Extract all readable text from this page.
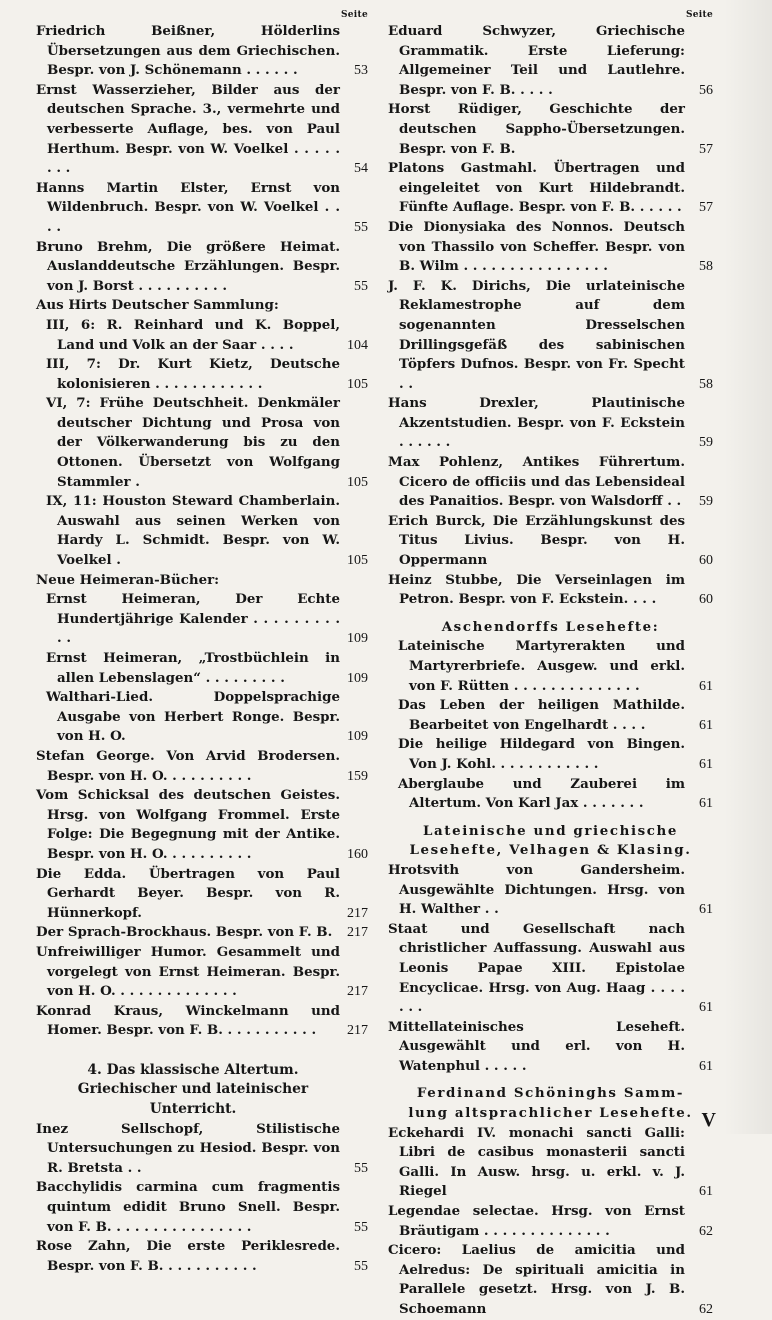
Seite

Friedrich Beißner, Hölderlins Übersetzungen aus dem Griechischen. Bespr. von J. Schönemann . . . . . .	53

Ernst Wasserzieher, Bilder aus der deutschen Sprache. 3., vermehrte und verbesserte Auflage, bes. von Paul Herthum. Bespr. von W. Voelkel . . . . . . . .	54

Hanns Martin Elster, Ernst von Wildenbruch. Bespr. von W. Voelkel . . . .	55

Bruno Brehm, Die größere Heimat. Auslanddeutsche Erzählungen. Bespr. von J. Borst . . . . . . . . . .	55

Aus Hirts Deutscher Sammlung:

III, 6: R. Reinhard und K. Boppel, Land und Volk an der Saar . . . .	104

III, 7: Dr. Kurt Kietz, Deutsche kolonisieren . . . . . . . . . . . .	105

VI, 7: Frühe Deutschheit. Denkmäler deutscher Dichtung und Prosa von der Völkerwanderung bis zu den Ottonen. Übersetzt von Wolfgang Stammler .	105

IX, 11: Houston Steward Chamberlain. Auswahl aus seinen Werken von Hardy L. Schmidt. Bespr. von W. Voelkel .	105

Neue Heimeran-Bücher:

Ernst Heimeran, Der Echte Hundertjährige Kalender . . . . . . . . . . .	109

Ernst Heimeran, „Trostbüchlein in allen Lebenslagen“ . . . . . . . . .	109

Walthari-Lied. Doppelsprachige Ausgabe von Herbert Ronge. Bespr. von H. O.	109

Stefan George. Von Arvid Brodersen. Bespr. von H. O. . . . . . . . . .	159

Vom Schicksal des deutschen Geistes. Hrsg. von Wolfgang Frommel. Erste Folge: Die Begegnung mit der Antike. Bespr. von H. O. . . . . . . . . .	160

Die Edda. Übertragen von Paul Gerhardt Beyer. Bespr. von R. Hünnerkopf.	217

Der Sprach-Brockhaus. Bespr. von F. B. 217

Unfreiwilliger Humor. Gesammelt und vorgelegt von Ernst Heimeran. Bespr. von H. O. . . . . . . . . . . . . .	217

Konrad Kraus, Winckelmann und Homer. Bespr. von F. B. . . . . . . . . . . 217

4. Das klassische Altertum.

Griechischer und lateinischer Unterricht.

Inez Sellschopf, Stilistische Untersuchungen zu Hesiod. Bespr. von R. Bretsta . .	55

Bacchylidis carmina cum fragmentis quintum edidit Bruno Snell. Bespr. von F. B. . . . . . . . . . . . . . . .	55

Rose Zahn, Die erste Periklesrede. Bespr. von F. B. . . . . . . . . . .	55

Seite

Eduard Schwyzer, Griechische Grammatik. Erste Lieferung: Allgemeiner Teil und Lautlehre. Bespr. von F. B. . . . .	56

Horst Rüdiger, Geschichte der deutschen Sappho-Übersetzungen. Bespr. von F. B.	57

Platons Gastmahl. Übertragen und eingeleitet von Kurt Hildebrandt. Fünfte Auflage. Bespr. von F. B. . . . . . 57

Die Dionysiaka des Nonnos. Deutsch von Thassilo von Scheffer. Bespr. von B. Wilm . . . . . . . . . . . . . . . .	58

J. F. K. Dirichs, Die urlateinische Reklamestrophe auf dem sogenannten Dresselschen Drillingsgefäß des sabinischen Töpfers Dufnos. Bespr. von Fr. Specht . .	58

Hans Drexler, Plautinische Akzentstudien. Bespr. von F. Eckstein . . . . . .	59

Max Pohlenz, Antikes Führertum. Cicero de officiis und das Lebensideal des Panaitios. Bespr. von Walsdorff . . 59

Erich Burck, Die Erzählungskunst des Titus Livius. Bespr. von H. Oppermann	60

Heinz Stubbe, Die Verseinlagen im Petron. Bespr. von F. Eckstein. . . .	60

Aschendorffs Lesehefte:

Lateinische Martyrerakten und Martyrerbriefe. Ausgew. und erkl. von F. Rütten . . . . . . . . . . . . . .	61

Das Leben der heiligen Mathilde. Bearbeitet von Engelhardt . . . .	61

Die heilige Hildegard von Bingen. Von J. Kohl. . . . . . . . . . . .	61

Aberglaube und Zauberei im Altertum. Von Karl Jax . . . . . . .	61

Lateinische und griechische

Lesehefte, Velhagen & Klasing.

Hrotsvith von Gandersheim. Ausgewählte Dichtungen. Hrsg. von H. Walther . .	61

Staat und Gesellschaft nach christlicher Auffassung. Auswahl aus Leonis Papae XIII. Epistolae Encyclicae. Hrsg. von Aug. Haag . . . . . . .	61

Mittellateinisches Leseheft. Ausgewählt und erl. von H. Watenphul . . . . .	61

Ferdinand Schöninghs Samm-

lung altsprachlicher Lesehefte.

Eckehardi IV. monachi sancti Galli: Libri de casibus monasterii sancti Galli. In Ausw. hrsg. u. erkl. v. J. Riegel	61

Legendae selectae. Hrsg. von Ernst Bräutigam . . . . . . . . . . . . . .	62

Cicero: Laelius de amicitia und Aelredus: De spirituali amicitia in Parallele gesetzt. Hrsg. von J. B. Schoemann	62

V
